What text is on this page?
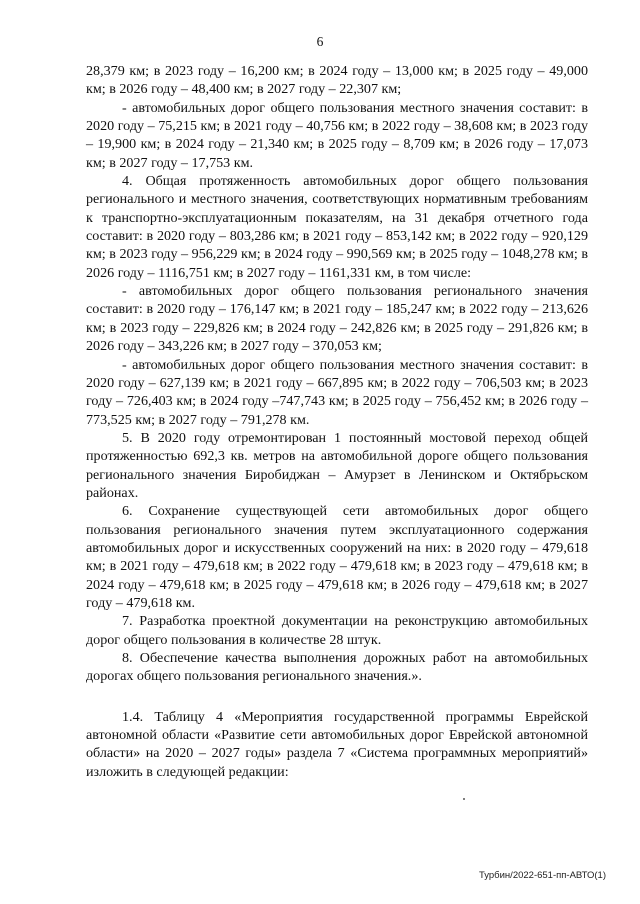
6

28,379 км; в 2023 году – 16,200 км; в 2024 году – 13,000 км; в 2025 году – 49,000 км; в 2026 году – 48,400 км; в 2027 году – 22,307 км;

- автомобильных дорог общего пользования местного значения составит: в 2020 году – 75,215 км; в 2021 году – 40,756 км; в 2022 году – 38,608 км; в 2023 году – 19,900 км; в 2024 году – 21,340 км; в 2025 году – 8,709 км; в 2026 году – 17,073 км; в 2027 году – 17,753 км.

4. Общая протяженность автомобильных дорог общего пользования регионального и местного значения, соответствующих нормативным требованиям к транспортно-эксплуатационным показателям, на 31 декабря отчетного года составит: в 2020 году – 803,286 км; в 2021 году – 853,142 км; в 2022 году – 920,129 км; в 2023 году – 956,229 км; в 2024 году – 990,569 км; в 2025 году – 1048,278 км; в 2026 году – 1116,751 км; в 2027 году – 1161,331 км, в том числе:

- автомобильных дорог общего пользования регионального значения составит: в 2020 году – 176,147 км; в 2021 году – 185,247 км; в 2022 году – 213,626 км; в 2023 году – 229,826 км; в 2024 году – 242,826 км; в 2025 году – 291,826 км; в 2026 году – 343,226 км; в 2027 году – 370,053 км;

- автомобильных дорог общего пользования местного значения составит: в 2020 году – 627,139 км; в 2021 году – 667,895 км; в 2022 году – 706,503 км; в 2023 году – 726,403 км; в 2024 году –747,743 км; в 2025 году – 756,452 км; в 2026 году – 773,525 км; в 2027 году – 791,278 км.

5. В 2020 году отремонтирован 1 постоянный мостовой переход общей протяженностью 692,3 кв. метров на автомобильной дороге общего пользования регионального значения Биробиджан – Амурзет в Ленинском и Октябрьском районах.

6. Сохранение существующей сети автомобильных дорог общего пользования регионального значения путем эксплуатационного содержания автомобильных дорог и искусственных сооружений на них: в 2020 году – 479,618 км; в 2021 году – 479,618 км; в 2022 году – 479,618 км; в 2023 году – 479,618 км; в 2024 году – 479,618 км; в 2025 году – 479,618 км; в 2026 году – 479,618 км; в 2027 году – 479,618 км.

7. Разработка проектной документации на реконструкцию автомобильных дорог общего пользования в количестве 28 штук.

8. Обеспечение качества выполнения дорожных работ на автомобильных дорогах общего пользования регионального значения.».

1.4. Таблицу 4 «Мероприятия государственной программы Еврейской автономной области «Развитие сети автомобильных дорог Еврейской автономной области» на 2020 – 2027 годы» раздела 7 «Система программных мероприятий» изложить в следующей редакции:

Турбин/2022-651-пп-АВТО(1)
